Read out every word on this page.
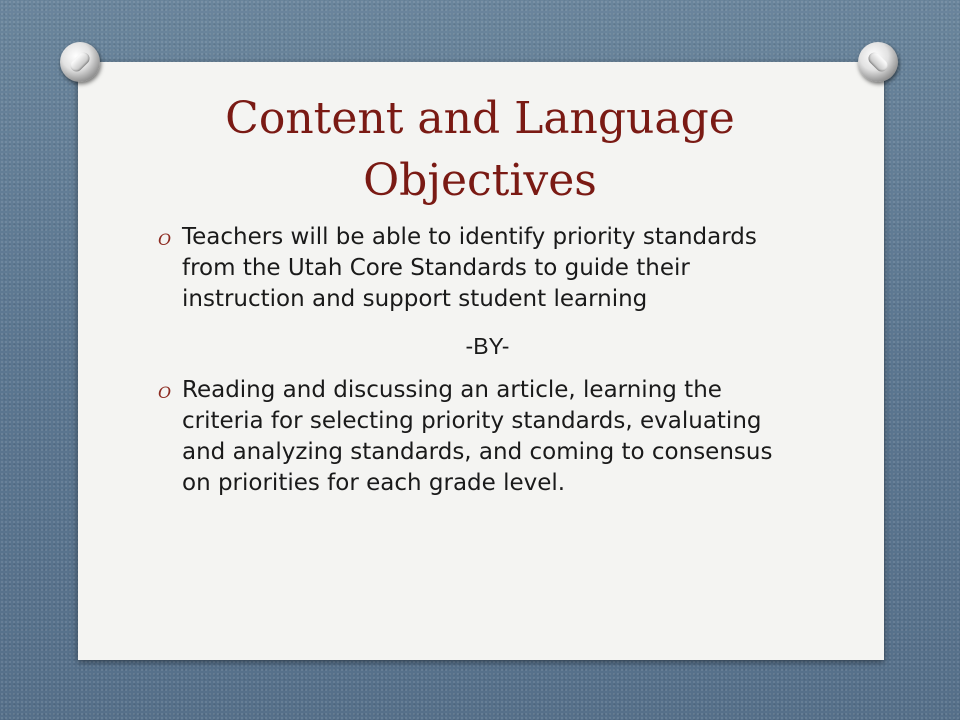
Content and Language
Objectives
O Teachers will be able to identify priority standards from the Utah Core Standards to guide their instruction and support student learning
-BY-
O Reading and discussing an article, learning the criteria for selecting priority standards, evaluating and analyzing standards, and coming to consensus on priorities for each grade level.
